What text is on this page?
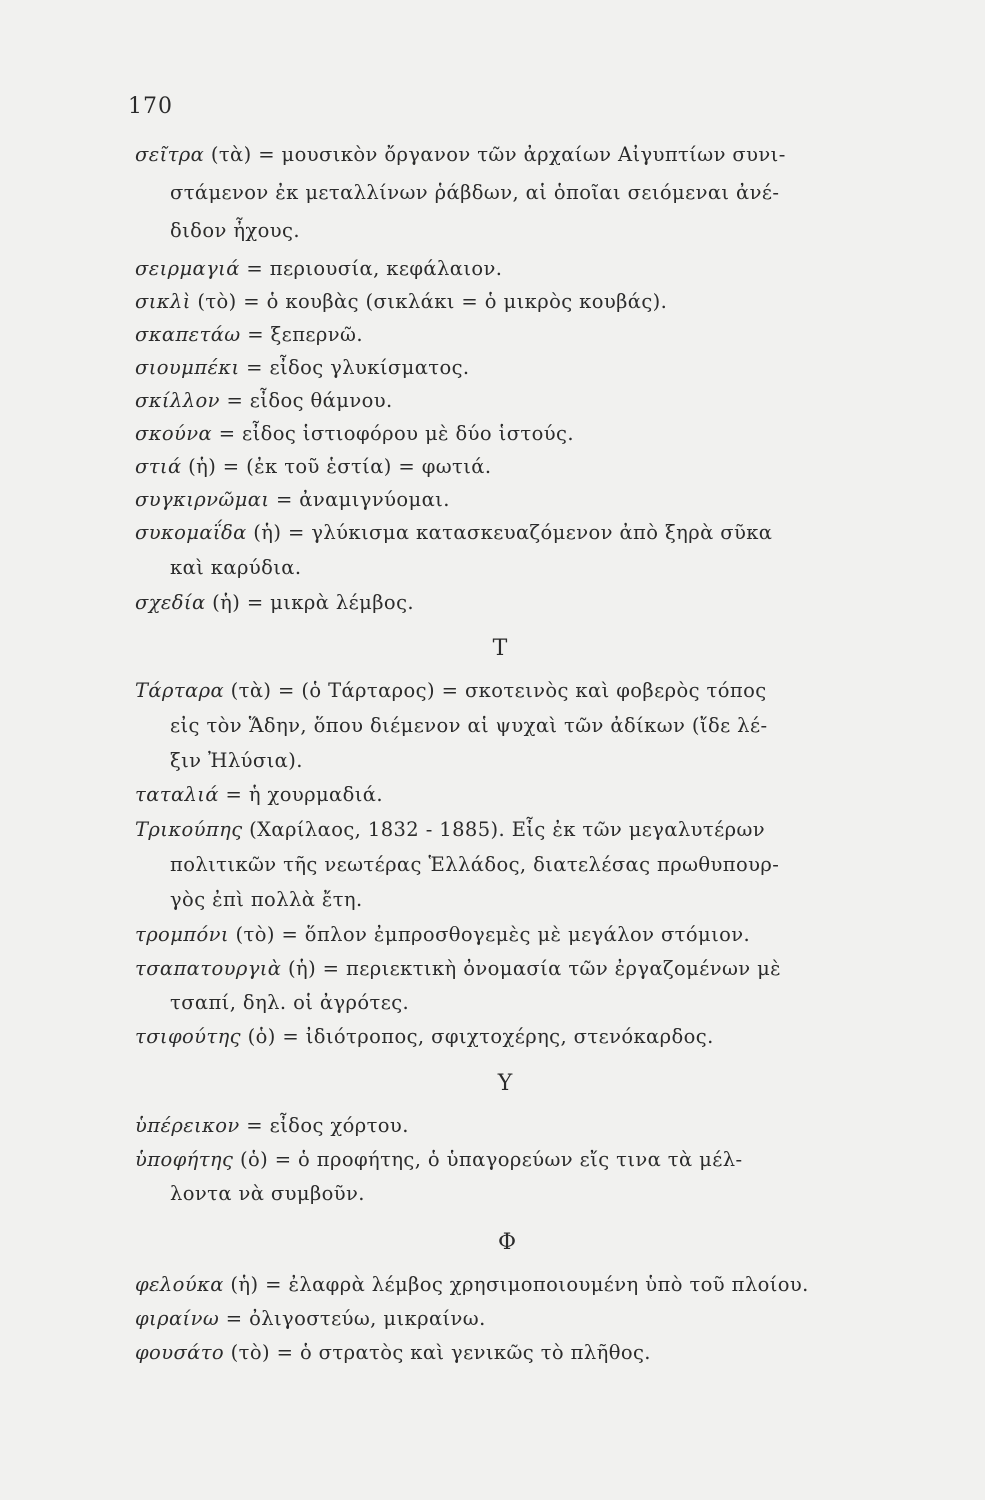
170
σεῖτρα (τὰ) = μουσικὸν ὄργανον τῶν ἀρχαίων Αἰγυπτίων συνι-
στάμενον ἐκ μεταλλίνων ῥάβδων, αἱ ὁποῖαι σειόμεναι ἀνέ-
διδον ἦχους.
σειρμαγιά = περιουσία, κεφάλαιον.
σικλὶ (τὸ) = ὁ κουβὰς (σικλάκι = ὁ μικρὸς κουβάς).
σκαπετάω = ξεπερνῶ.
σιουμπέκι = εἶδος γλυκίσματος.
σκίλλον = εἶδος θάμνου.
σκούνα = εἶδος ἱστιοφόρου μὲ δύο ἱστούς.
στιά (ἡ) = (ἐκ τοῦ ἑστία) = φωτιά.
συγκιρνῶμαι = ἀναμιγνύομαι.
συκομαΐδα (ἡ) = γλύκισμα κατασκευαζόμενον ἀπὸ ξηρὰ σῦκα
καὶ καρύδια.
σχεδία (ἡ) = μικρὰ λέμβος.
Τ
Τάρταρα (τὰ) = (ὁ Τάρταρος) = σκοτεινὸς καὶ φοβερὸς τόπος
εἰς τὸν Ἅδην, ὅπου διέμενον αἱ ψυχαὶ τῶν ἀδίκων (ἴδε λέ-
ξιν Ἠλύσια).
ταταλιά = ἡ χουρμαδιά.
Τρικούπης (Χαρίλαος, 1832 - 1885). Εἷς ἐκ τῶν μεγαλυτέρων
πολιτικῶν τῆς νεωτέρας Ἑλλάδος, διατελέσας πρωθυπουρ-
γὸς ἐπὶ πολλὰ ἔτη.
τρομπόνι (τὸ) = ὅπλον ἐμπροσθογεμὲς μὲ μεγάλον στόμιον.
τσαπατουργιὰ (ἡ) = περιεκτικὴ ὀνομασία τῶν ἐργαζομένων μὲ
τσαπί, δηλ. οἱ ἀγρότες.
τσιφούτης (ὁ) = ἰδιότροπος, σφιχτοχέρης, στενόκαρδος.
Υ
ὑπέρεικον = εἶδος χόρτου.
ὑποφήτης (ὁ) = ὁ προφήτης, ὁ ὑπαγορεύων εἴς τινα τὰ μέλ-
λοντα νὰ συμβοῦν.
Φ
φελούκα (ἡ) = ἐλαφρὰ λέμβος χρησιμοποιουμένη ὑπὸ τοῦ πλοίου.
φιραίνω = ὀλιγοστεύω, μικραίνω.
φουσάτο (τὸ) = ὁ στρατὸς καὶ γενικῶς τὸ πλῆθος.
